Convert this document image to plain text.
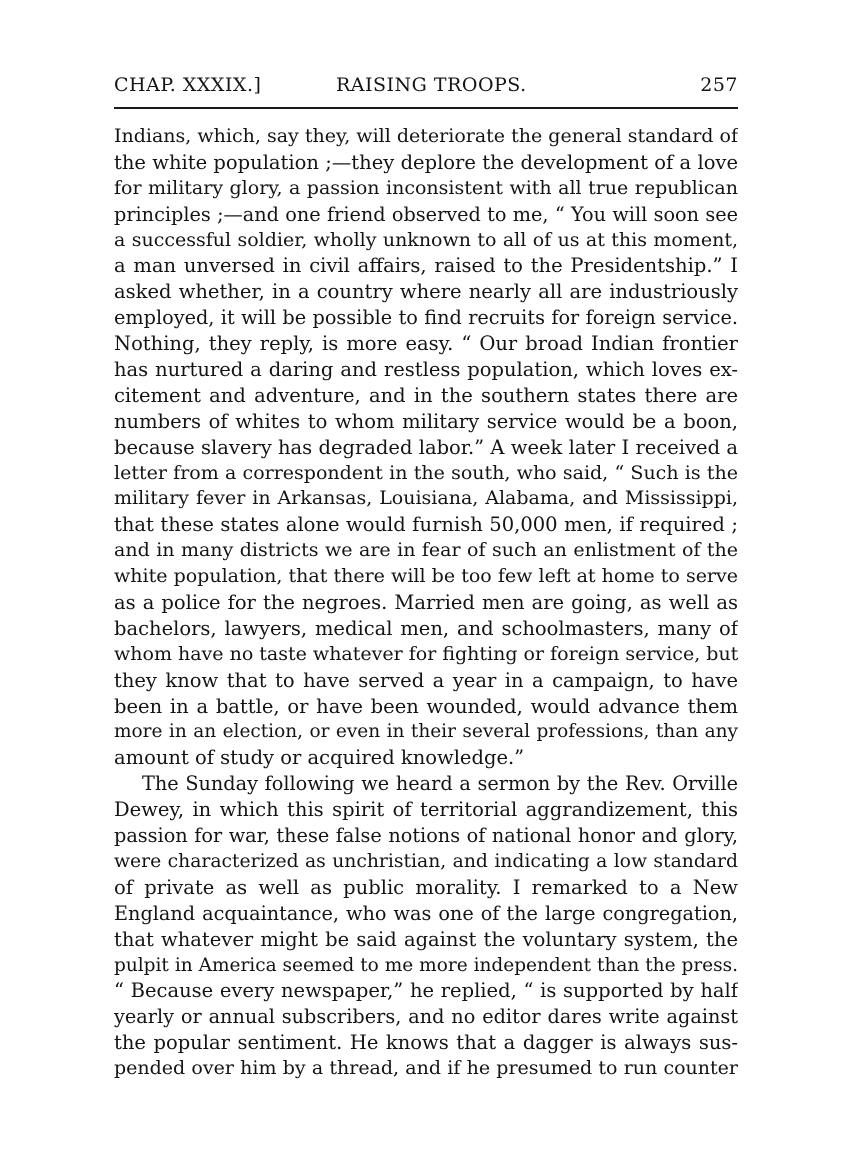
CHAP. XXXIX.]	RAISING TROOPS.	257
Indians, which, say they, will deteriorate the general standard of
the white population ;—they deplore the development of a love
for military glory, a passion inconsistent with all true republican
principles ;—and one friend observed to me, “ You will soon see
a successful soldier, wholly unknown to all of us at this moment,
a man unversed in civil affairs, raised to the Presidentship.” I
asked whether, in a country where nearly all are industriously
employed, it will be possible to find recruits for foreign service.
Nothing, they reply, is more easy. “ Our broad Indian frontier
has nurtured a daring and restless population, which loves ex-
citement and adventure, and in the southern states there are
numbers of whites to whom military service would be a boon,
because slavery has degraded labor.” A week later I received a
letter from a correspondent in the south, who said, “ Such is the
military fever in Arkansas, Louisiana, Alabama, and Mississippi,
that these states alone would furnish 50,000 men, if required ;
and in many districts we are in fear of such an enlistment of the
white population, that there will be too few left at home to serve
as a police for the negroes. Married men are going, as well as
bachelors, lawyers, medical men, and schoolmasters, many of
whom have no taste whatever for fighting or foreign service, but
they know that to have served a year in a campaign, to have
been in a battle, or have been wounded, would advance them
more in an election, or even in their several professions, than any
amount of study or acquired knowledge.”
The Sunday following we heard a sermon by the Rev. Orville
Dewey, in which this spirit of territorial aggrandizement, this
passion for war, these false notions of national honor and glory,
were characterized as unchristian, and indicating a low standard
of private as well as public morality. I remarked to a New
England acquaintance, who was one of the large congregation,
that whatever might be said against the voluntary system, the
pulpit in America seemed to me more independent than the press.
“ Because every newspaper,” he replied, “ is supported by half
yearly or annual subscribers, and no editor dares write against
the popular sentiment. He knows that a dagger is always sus-
pended over him by a thread, and if he presumed to run counter
